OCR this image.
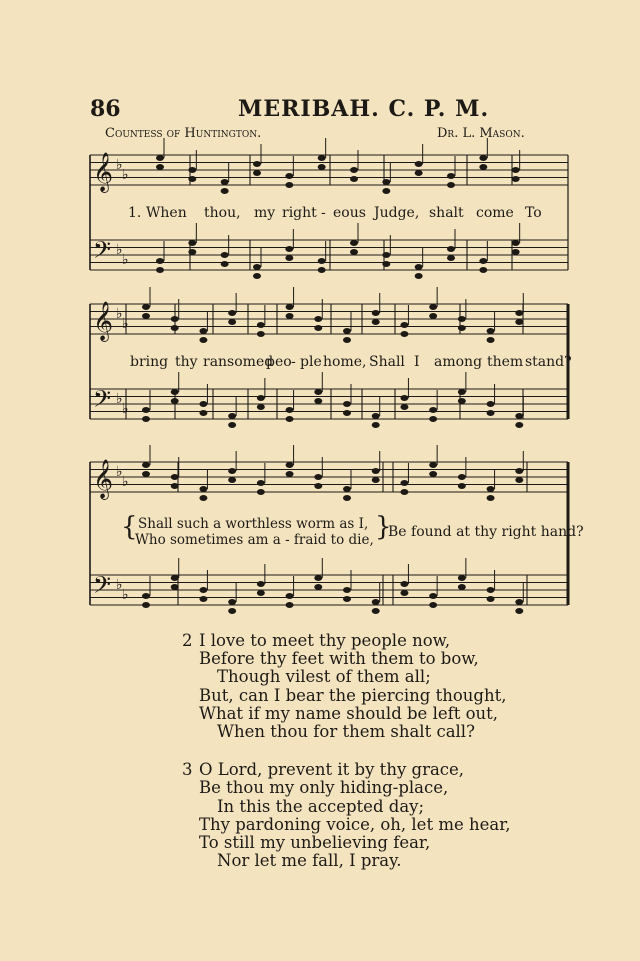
86	MERIBAH. C. P. M.
Countess of Huntington.	Dr. L. Mason.
𝄞 ♭
♭
𝄢 ♭
♭
𝄞 ♭
♭
𝄢 ♭
♭
𝄞 ♭
♭
𝄢 ♭
♭
1. When thou, my right - eous Judge, shalt come To
bring thy ransomed
peo - ple home, Shall I among them stand?
{ Shall such a worthless worm as I,
Who sometimes am a - fraid to die, }
Be found at thy right hand?
2 I love to meet thy people now,
Before thy feet with them to bow,
Though vilest of them all;
But, can I bear the piercing thought,
What if my name should be left out,
When thou for them shalt call?
3 O Lord, prevent it by thy grace,
Be thou my only hiding-place,
In this the accepted day;
Thy pardoning voice, oh, let me hear,
To still my unbelieving fear,
Nor let me fall, I pray.
